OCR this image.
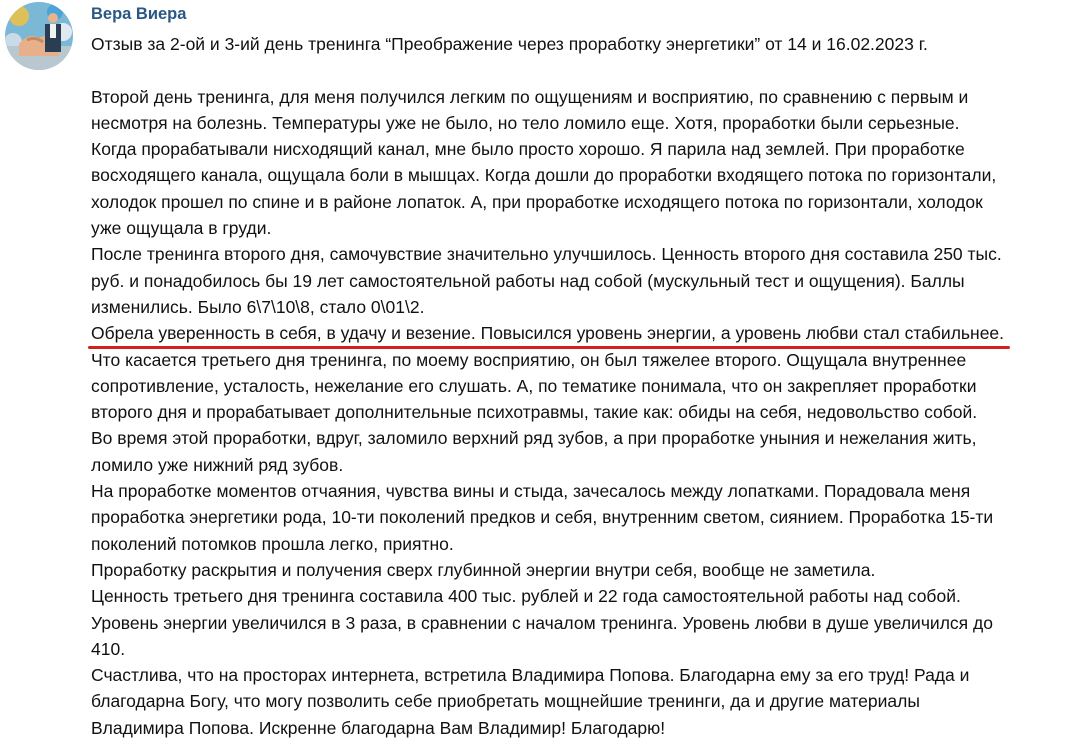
Вера Виера

Отзыв за 2-ой и 3-ий день тренинга “Преображение через проработку энергетики” от 14 и 16.02.2023 г.

Второй день тренинга, для меня получился легким по ощущениям и восприятию, по сравнению с первым и

несмотря на болезнь. Температуры уже не было, но тело ломило еще. Хотя, проработки были серьезные.

Когда прорабатывали нисходящий канал, мне было просто хорошо. Я парила над землей. При проработке

восходящего канала, ощущала боли в мышцах. Когда дошли до проработки входящего потока по горизонтали,

холодок прошел по спине и в районе лопаток. А, при проработке исходящего потока по горизонтали, холодок

уже ощущала в груди.

После тренинга второго дня, самочувствие значительно улучшилось. Ценность второго дня составила 250 тыс.

руб. и понадобилось бы 19 лет самостоятельной работы над собой (мускульный тест и ощущения). Баллы

изменились. Было 6\7\10\8, стало 0\01\2.

Обрела уверенность в себя, в удачу и везение. Повысился уровень энергии, а уровень любви стал стабильнее.

Что касается третьего дня тренинга, по моему восприятию, он был тяжелее второго. Ощущала внутреннее

сопротивление, усталость, нежелание его слушать. А, по тематике понимала, что он закрепляет проработки

второго дня и прорабатывает дополнительные психотравмы, такие как: обиды на себя, недовольство собой.

Во время этой проработки, вдруг, заломило верхний ряд зубов, а при проработке уныния и нежелания жить,

ломило уже нижний ряд зубов.

На проработке моментов отчаяния, чувства вины и стыда, зачесалось между лопатками. Порадовала меня

проработка энергетики рода, 10-ти поколений предков и себя, внутренним светом, сиянием. Проработка 15-ти

поколений потомков прошла легко, приятно.

Проработку раскрытия и получения сверх глубинной энергии внутри себя, вообще не заметила.

Ценность третьего дня тренинга составила 400 тыс. рублей и 22 года самостоятельной работы над собой.

Уровень энергии увеличился в 3 раза, в сравнении с началом тренинга. Уровень любви в душе увеличился до

410.

Счастлива, что на просторах интернета, встретила Владимира Попова. Благодарна ему за его труд! Рада и

благодарна Богу, что могу позволить себе приобретать мощнейшие тренинги, да и другие материалы

Владимира Попова. Искренне благодарна Вам Владимир! Благодарю!
